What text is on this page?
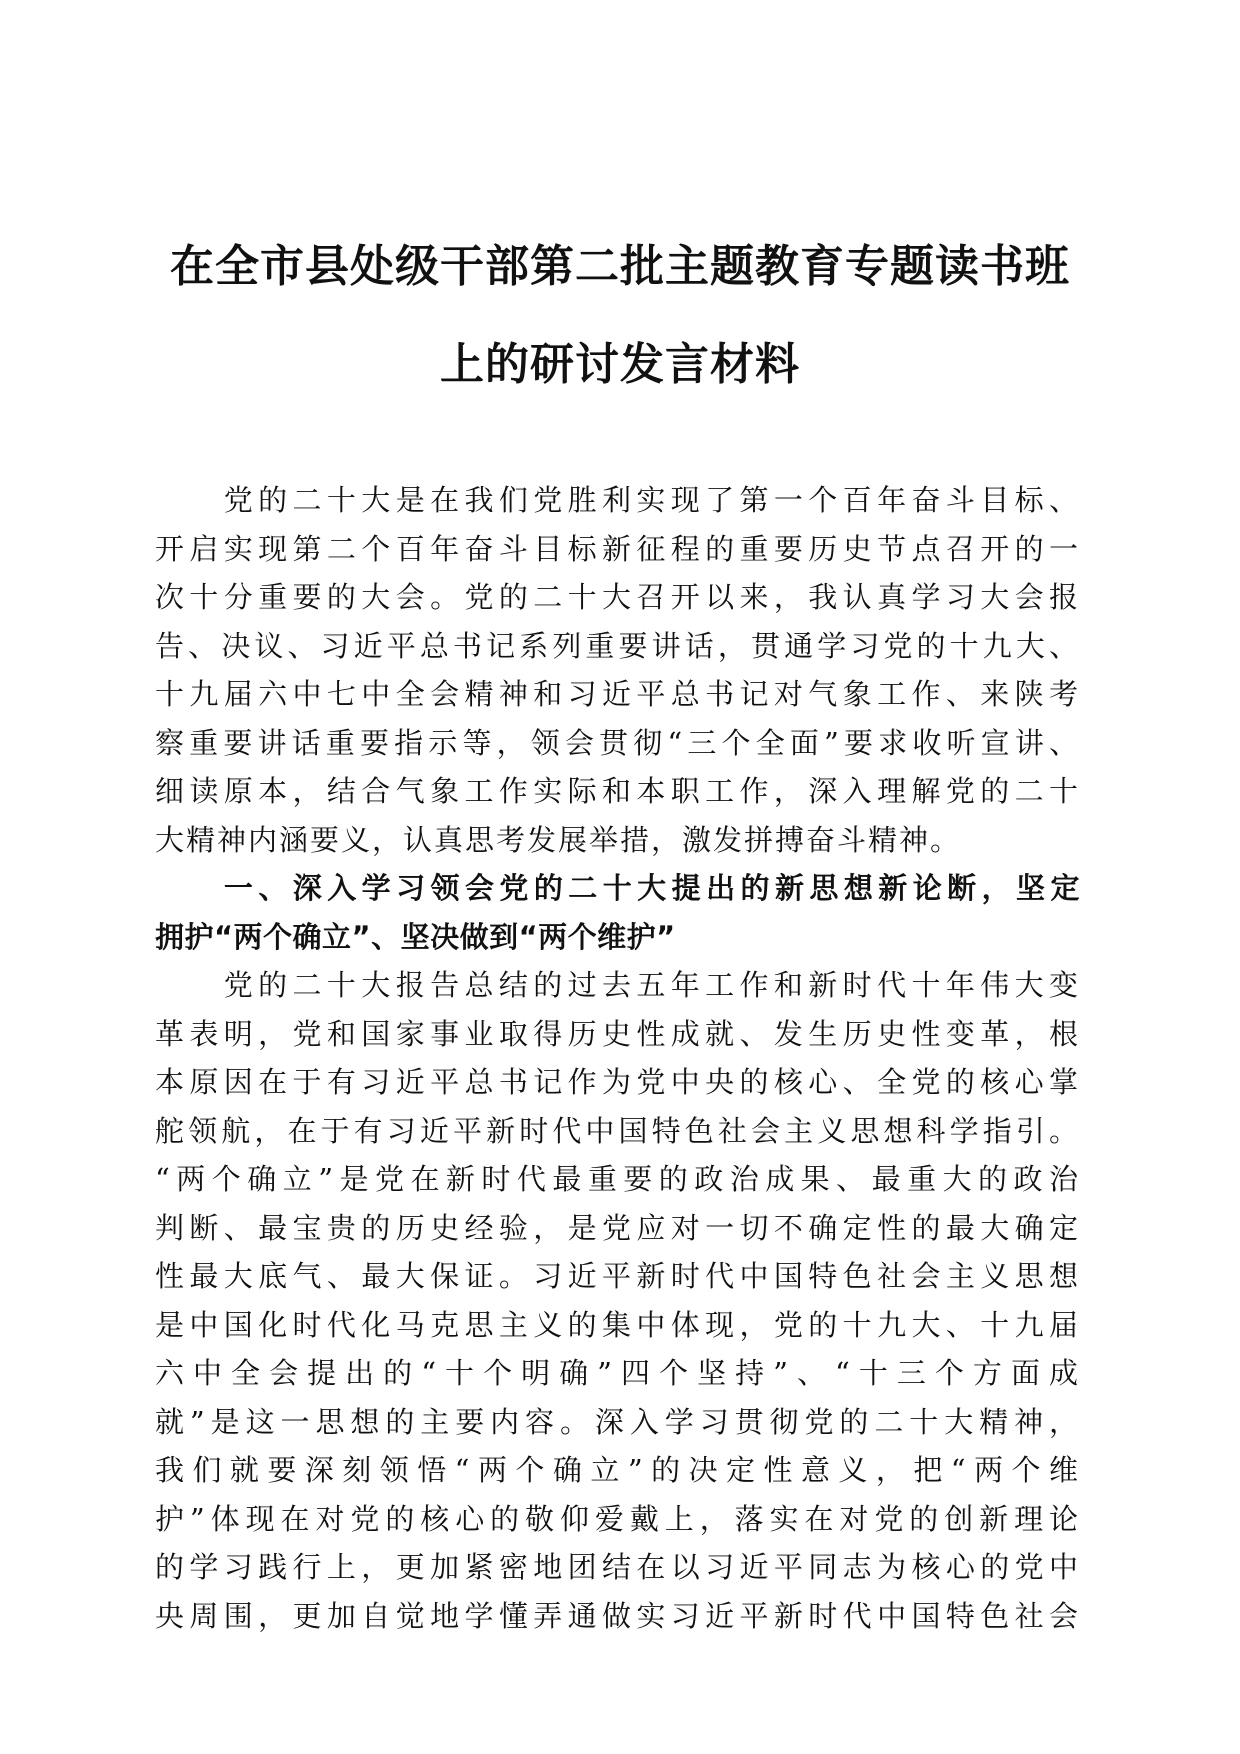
在全市县处级干部第二批主题教育专题读书班
上的研讨发言材料

　　党的二十大是在我们党胜利实现了第一个百年奋斗目标、
开启实现第二个百年奋斗目标新征程的重要历史节点召开的一
次十分重要的大会。党的二十大召开以来，我认真学习大会报
告、决议、习近平总书记系列重要讲话，贯通学习党的十九大、
十九届六中七中全会精神和习近平总书记对气象工作、来陕考
察重要讲话重要指示等，领会贯彻“三个全面”要求收听宣讲、
细读原本，结合气象工作实际和本职工作，深入理解党的二十
大精神内涵要义，认真思考发展举措，激发拼搏奋斗精神。

　　一、深入学习领会党的二十大提出的新思想新论断，坚定
拥护“两个确立”、坚决做到“两个维护”

　　党的二十大报告总结的过去五年工作和新时代十年伟大变
革表明，党和国家事业取得历史性成就、发生历史性变革，根
本原因在于有习近平总书记作为党中央的核心、全党的核心掌
舵领航，在于有习近平新时代中国特色社会主义思想科学指引。
“两个确立”是党在新时代最重要的政治成果、最重大的政治
判断、最宝贵的历史经验，是党应对一切不确定性的最大确定
性最大底气、最大保证。习近平新时代中国特色社会主义思想
是中国化时代化马克思主义的集中体现，党的十九大、十九届
六中全会提出的“十个明确”四个坚持”、“十三个方面成
就”是这一思想的主要内容。深入学习贯彻党的二十大精神，
我们就要深刻领悟“两个确立”的决定性意义，把“两个维
护”体现在对党的核心的敬仰爱戴上，落实在对党的创新理论
的学习践行上，更加紧密地团结在以习近平同志为核心的党中
央周围，更加自觉地学懂弄通做实习近平新时代中国特色社会
